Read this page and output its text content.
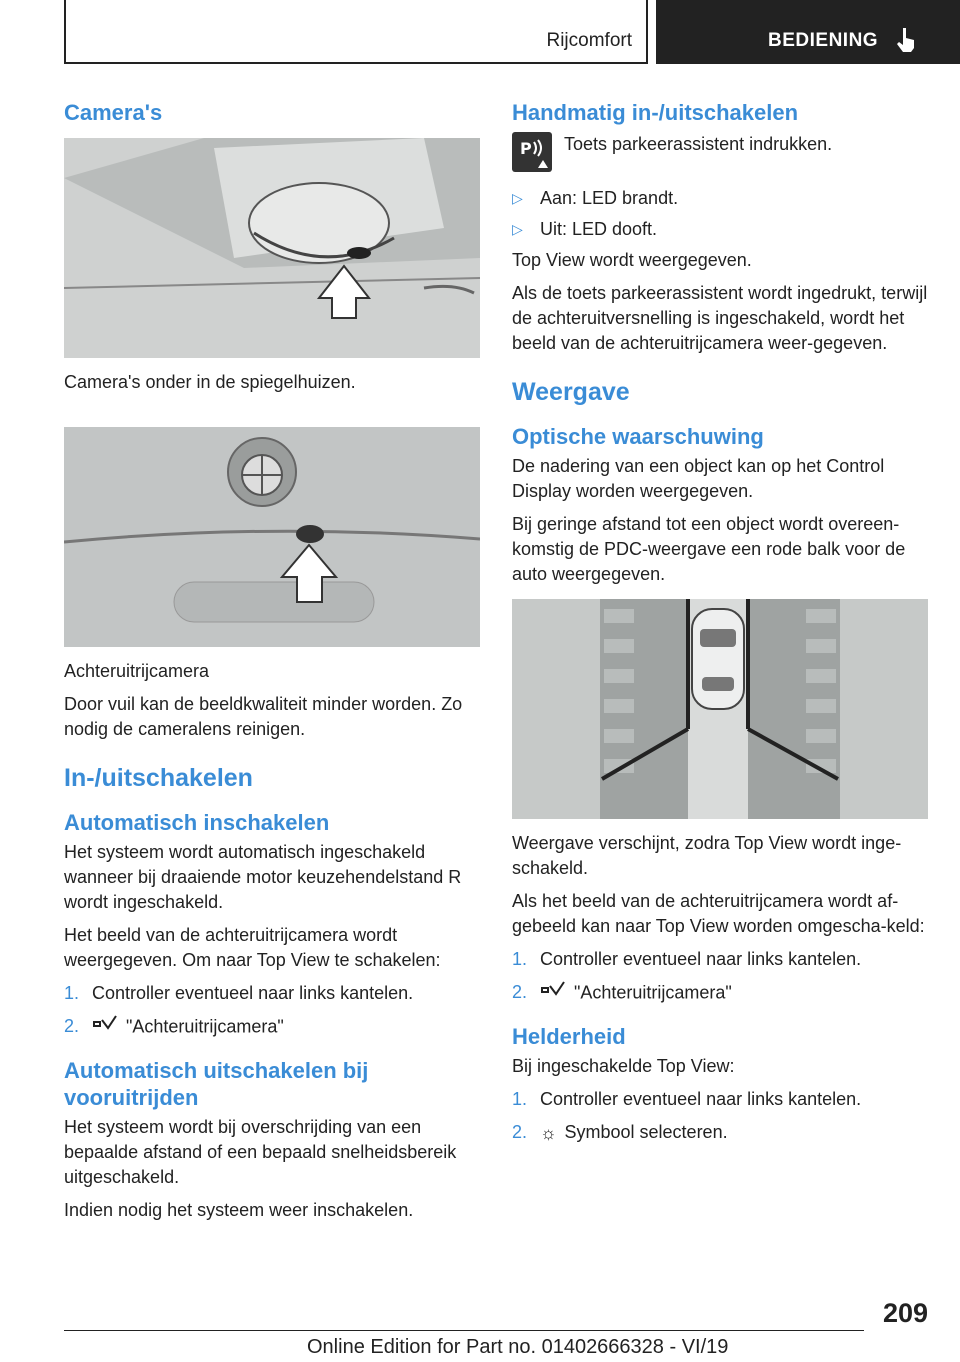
Rijcomfort	BEDIENING
Camera's

Camera's onder in de spiegelhuizen.

Achteruitrijcamera

Door vuil kan de beeldkwaliteit minder worden. Zo nodig de cameralens reinigen.

In-/uitschakelen
Automatisch inschakelen

Het systeem wordt automatisch ingeschakeld wanneer bij draaiende motor keuzehendelstand R wordt ingeschakeld.

Het beeld van de achteruitrijcamera wordt weergegeven. Om naar Top View te schakelen:

1. Controller eventueel naar links kantelen.
2.	"Achteruitrijcamera"
Automatisch uitschakelen bij vooruitrijden

Het systeem wordt bij overschrijding van een bepaalde afstand of een bepaald snelheidsbereik uitgeschakeld.

Indien nodig het systeem weer inschakelen.

Handmatig in-/uitschakelen
P Toets parkeerassistent indrukken.
▷ Aan: LED brandt.
▷ Uit: LED dooft.

Top View wordt weergegeven.

Als de toets parkeerassistent wordt ingedrukt, terwijl de achteruitversnelling is ingeschakeld, wordt het beeld van de achteruitrijcamera weer-gegeven.

Weergave
Optische waarschuwing

De nadering van een object kan op het Control Display worden weergegeven.

Bij geringe afstand tot een object wordt overeen-komstig de PDC-weergave een rode balk voor de auto weergegeven.

Weergave verschijnt, zodra Top View wordt inge-schakeld.

Als het beeld van de achteruitrijcamera wordt af-gebeeld kan naar Top View worden omgescha-keld:

1. Controller eventueel naar links kantelen.
2.	"Achteruitrijcamera"
Helderheid

Bij ingeschakelde Top View:

1. Controller eventueel naar links kantelen.
2. ☼ Symbool selecteren.
209
Online Edition for Part no. 01402666328 - VI/19
